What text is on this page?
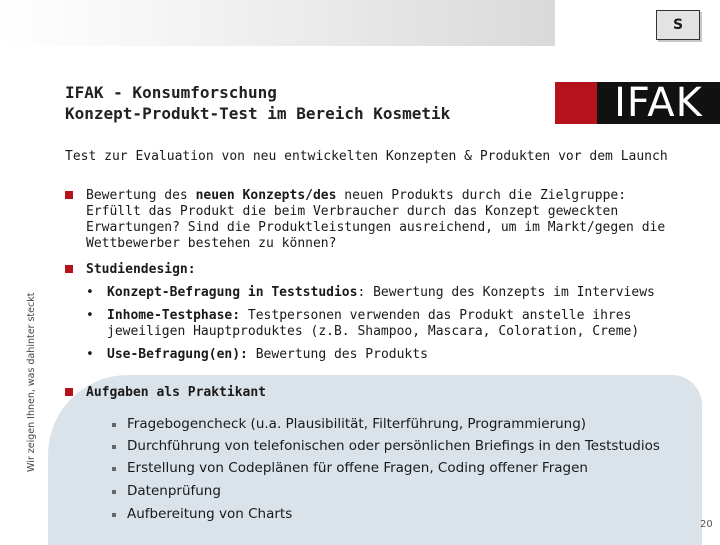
S
IFAK - Konsumforschung
Konzept-Produkt-Test im Bereich Kosmetik	IFAK
Wir zeigen Ihnen, was dahinter steckt
Test zur Evaluation von neu entwickelten Konzepten & Produkten vor dem Launch
Bewertung des neuen Konzepts/des neuen Produkts durch die Zielgruppe: Erfüllt das Produkt die beim Verbraucher durch das Konzept geweckten Erwartungen? Sind die Produktleistungen ausreichend, um im Markt/gegen die Wettbewerber bestehen zu können?
Studiendesign:
• Konzept-Befragung in Teststudios: Bewertung des Konzepts im Interviews
• Inhome-Testphase: Testpersonen verwenden das Produkt anstelle ihres jeweiligen Hauptproduktes (z.B. Shampoo, Mascara, Coloration, Creme)
• Use-Befragung(en): Bewertung des Produkts
Aufgaben als Praktikant
Fragebogencheck (u.a. Plausibilität, Filterführung, Programmierung)
Durchführung von telefonischen oder persönlichen Briefings in den Teststudios
Erstellung von Codeplänen für offene Fragen, Coding offener Fragen
Datenprüfung
Aufbereitung von Charts
20
